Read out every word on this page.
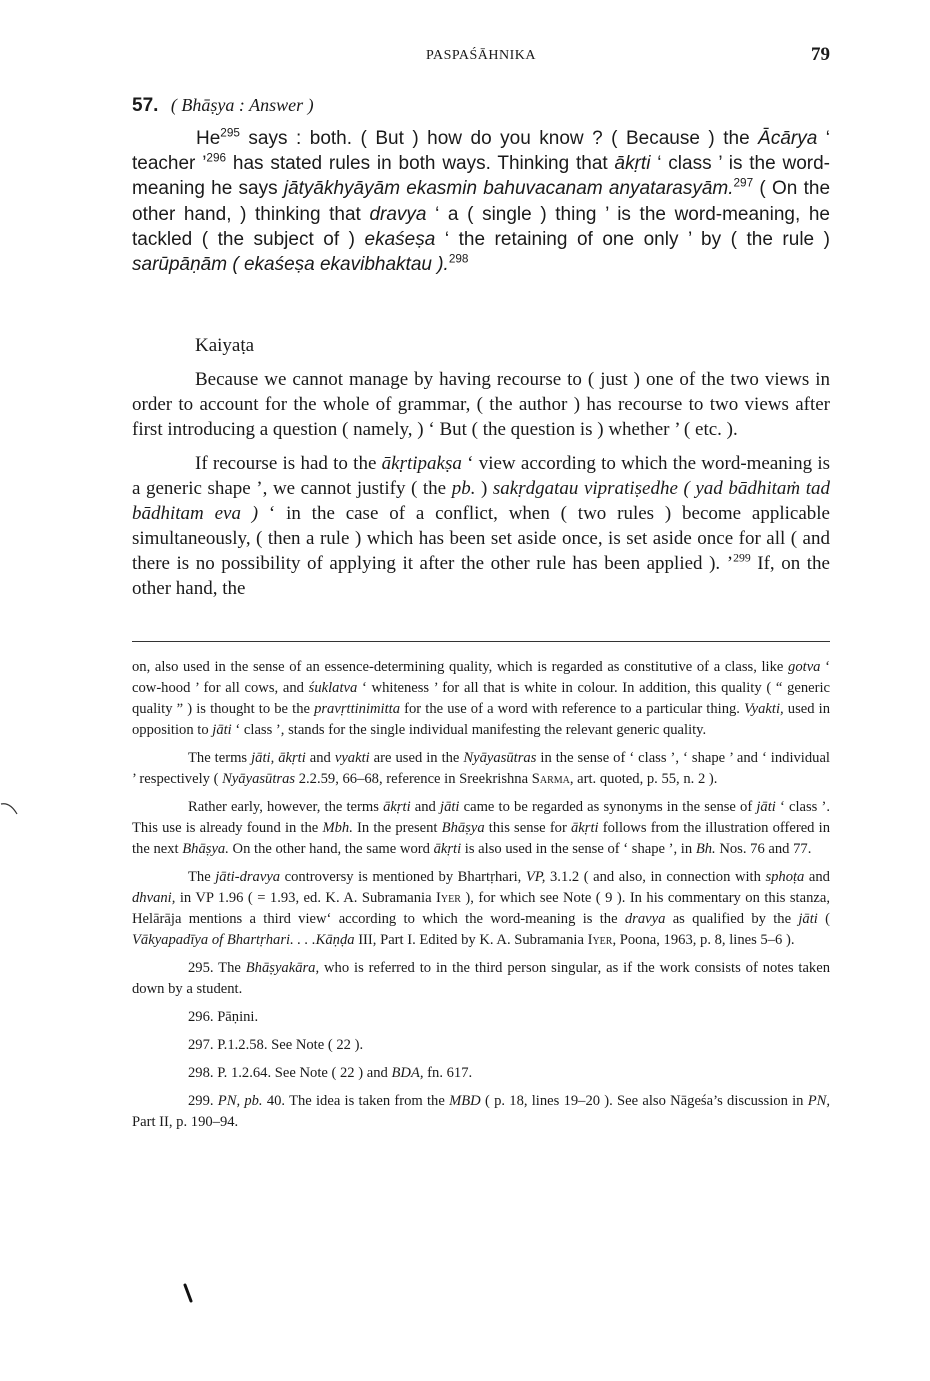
PASPAŚĀHNIKA	79
57. ( Bhāṣya : Answer )

He$^{295}$ says : both. ( But ) how do you know ? ( Because ) the Ācārya ‘ teacher ’$^{296}$ has stated rules in both ways. Thinking that ākṛti ‘ class ’ is the word-meaning he says jātyākhyāyām ekasmin bahuvacanam anyatarasyām.$^{297}$ ( On the other hand, ) thinking that dravya ‘ a ( single ) thing ’ is the word-meaning, he tackled ( the subject of ) ekaśeṣa ‘ the retaining of one only ’ by ( the rule ) sarūpāṇām ( ekaśeṣa ekavibhaktau ).$^{298}$

Kaiyaṭa

Because we cannot manage by having recourse to ( just ) one of the two views in order to account for the whole of grammar, ( the author ) has recourse to two views after first introducing a question ( namely, ) ‘ But ( the question is ) whether ’ ( etc. ).

If recourse is had to the ākṛtipakṣa ‘ view according to which the word-meaning is a generic shape ’, we cannot justify ( the pb. ) sakṛdgatau vipratiṣedhe ( yad bādhitaṁ tad bādhitam eva ) ‘ in the case of a conflict, when ( two rules ) become applicable simultaneously, ( then a rule ) which has been set aside once, is set aside once for all ( and there is no possibility of applying it after the other rule has been applied ). ’$^{299}$ If, on the other hand, the

on, also used in the sense of an essence-determining quality, which is regarded as constitutive of a class, like gotva ‘ cow-hood ’ for all cows, and śuklatva ‘ whiteness ’ for all that is white in colour. In addition, this quality ( “ generic quality ” ) is thought to be the pravṛttinimitta for the use of a word with reference to a particular thing. Vyakti, used in opposition to jāti ‘ class ’, stands for the single individual manifesting the relevant generic quality.

The terms jāti, ākṛti and vyakti are used in the Nyāyasūtras in the sense of ‘ class ’, ‘ shape ’ and ‘ individual ’ respectively ( Nyāyasūtras 2.2.59, 66–68, reference in Sreekrishna Sarma, art. quoted, p. 55, n. 2 ).

Rather early, however, the terms ākṛti and jāti came to be regarded as synonyms in the sense of jāti ‘ class ’. This use is already found in the Mbh. In the present Bhāṣya this sense for ākṛti follows from the illustration offered in the next Bhāṣya. On the other hand, the same word ākṛti is also used in the sense of ‘ shape ’, in Bh. Nos. 76 and 77.

The jāti-dravya controversy is mentioned by Bhartṛhari, VP, 3.1.2 ( and also, in connection with sphoṭa and dhvani, in VP 1.96 ( = 1.93, ed. K. A. Subramania Iyer ), for which see Note ( 9 ). In his commentary on this stanza, Helārāja mentions a third view‘ according to which the word-meaning is the dravya as qualified by the jāti ( Vākyapadīya of Bhartṛhari. . . .Kāṇḍa III, Part I. Edited by K. A. Subramania Iyer, Poona, 1963, p. 8, lines 5–6 ).

295. The Bhāṣyakāra, who is referred to in the third person singular, as if the work consists of notes taken down by a student.

296. Pāṇini.

297. P.1.2.58. See Note ( 22 ).

298. P. 1.2.64. See Note ( 22 ) and BDA, fn. 617.

299. PN, pb. 40. The idea is taken from the MBD ( p. 18, lines 19–20 ). See also Nāgeśa’s discussion in PN, Part II, p. 190–94.
